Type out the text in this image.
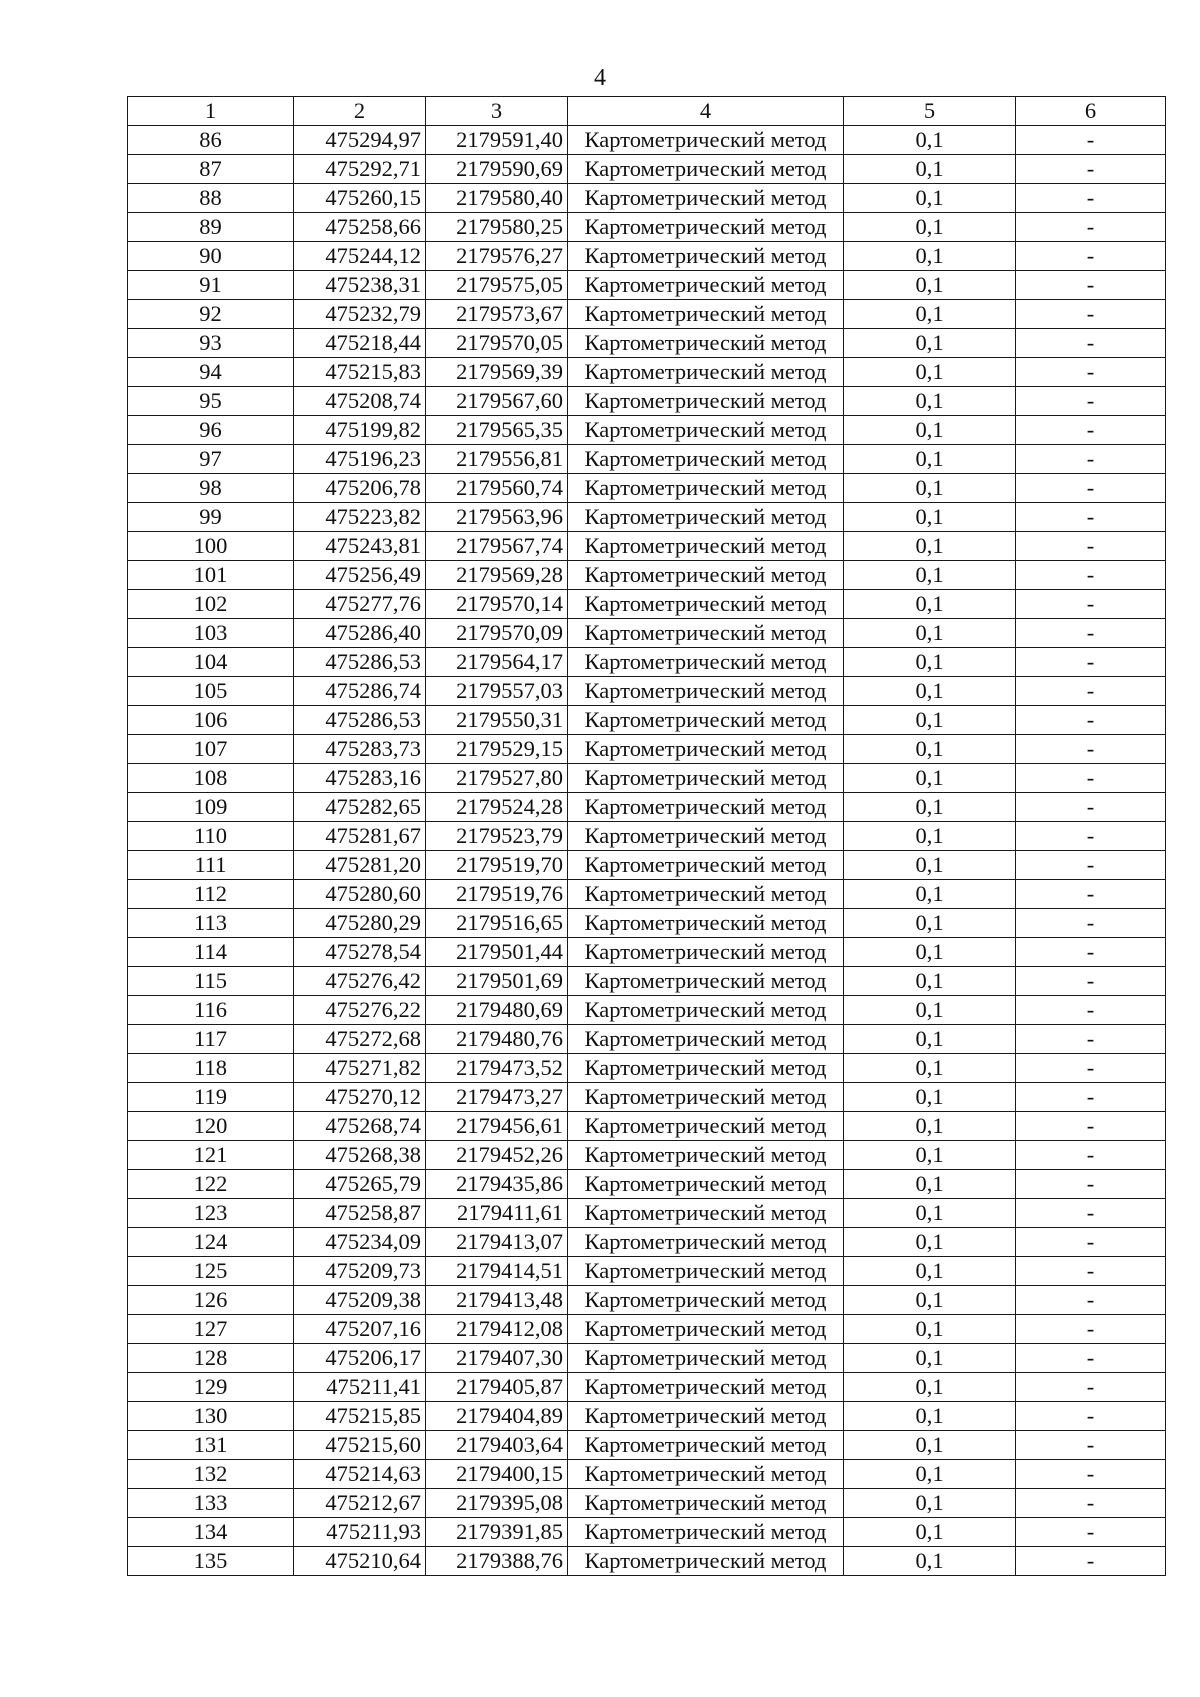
4
1	2	3	4	5	6
86	475294,97	2179591,40	Картометрический метод	0,1	-
87	475292,71	2179590,69	Картометрический метод	0,1	-
88	475260,15	2179580,40	Картометрический метод	0,1	-
89	475258,66	2179580,25	Картометрический метод	0,1	-
90	475244,12	2179576,27	Картометрический метод	0,1	-
91	475238,31	2179575,05	Картометрический метод	0,1	-
92	475232,79	2179573,67	Картометрический метод	0,1	-
93	475218,44	2179570,05	Картометрический метод	0,1	-
94	475215,83	2179569,39	Картометрический метод	0,1	-
95	475208,74	2179567,60	Картометрический метод	0,1	-
96	475199,82	2179565,35	Картометрический метод	0,1	-
97	475196,23	2179556,81	Картометрический метод	0,1	-
98	475206,78	2179560,74	Картометрический метод	0,1	-
99	475223,82	2179563,96	Картометрический метод	0,1	-
100	475243,81	2179567,74	Картометрический метод	0,1	-
101	475256,49	2179569,28	Картометрический метод	0,1	-
102	475277,76	2179570,14	Картометрический метод	0,1	-
103	475286,40	2179570,09	Картометрический метод	0,1	-
104	475286,53	2179564,17	Картометрический метод	0,1	-
105	475286,74	2179557,03	Картометрический метод	0,1	-
106	475286,53	2179550,31	Картометрический метод	0,1	-
107	475283,73	2179529,15	Картометрический метод	0,1	-
108	475283,16	2179527,80	Картометрический метод	0,1	-
109	475282,65	2179524,28	Картометрический метод	0,1	-
110	475281,67	2179523,79	Картометрический метод	0,1	-
111	475281,20	2179519,70	Картометрический метод	0,1	-
112	475280,60	2179519,76	Картометрический метод	0,1	-
113	475280,29	2179516,65	Картометрический метод	0,1	-
114	475278,54	2179501,44	Картометрический метод	0,1	-
115	475276,42	2179501,69	Картометрический метод	0,1	-
116	475276,22	2179480,69	Картометрический метод	0,1	-
117	475272,68	2179480,76	Картометрический метод	0,1	-
118	475271,82	2179473,52	Картометрический метод	0,1	-
119	475270,12	2179473,27	Картометрический метод	0,1	-
120	475268,74	2179456,61	Картометрический метод	0,1	-
121	475268,38	2179452,26	Картометрический метод	0,1	-
122	475265,79	2179435,86	Картометрический метод	0,1	-
123	475258,87	2179411,61	Картометрический метод	0,1	-
124	475234,09	2179413,07	Картометрический метод	0,1	-
125	475209,73	2179414,51	Картометрический метод	0,1	-
126	475209,38	2179413,48	Картометрический метод	0,1	-
127	475207,16	2179412,08	Картометрический метод	0,1	-
128	475206,17	2179407,30	Картометрический метод	0,1	-
129	475211,41	2179405,87	Картометрический метод	0,1	-
130	475215,85	2179404,89	Картометрический метод	0,1	-
131	475215,60	2179403,64	Картометрический метод	0,1	-
132	475214,63	2179400,15	Картометрический метод	0,1	-
133	475212,67	2179395,08	Картометрический метод	0,1	-
134	475211,93	2179391,85	Картометрический метод	0,1	-
135	475210,64	2179388,76	Картометрический метод	0,1	-
